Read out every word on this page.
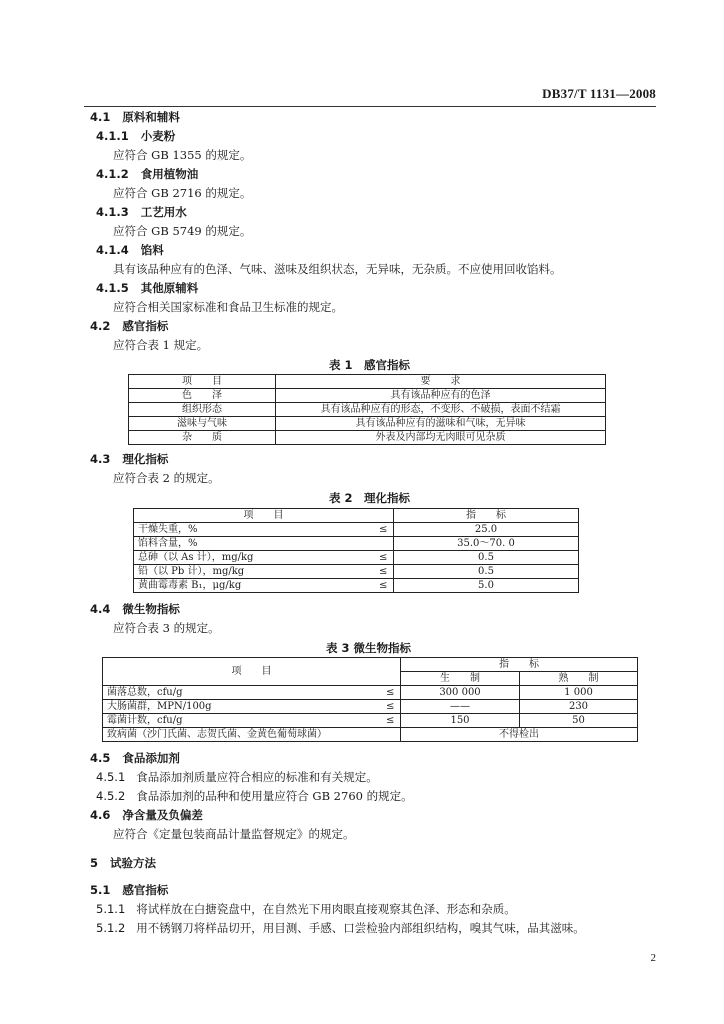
DB37/T 1131—2008
4.1 原料和辅料
4.1.1 小麦粉
应符合 GB 1355 的规定。
4.1.2 食用植物油
应符合 GB 2716 的规定。
4.1.3 工艺用水
应符合 GB 5749 的规定。
4.1.4 馅料
具有该品种应有的色泽、气味、滋味及组织状态，无异味，无杂质。不应使用回收馅料。
4.1.5 其他原辅料
应符合相关国家标准和食品卫生标准的规定。
4.2 感官指标
应符合表 1 规定。
表 1　感官指标
项　　目	要　　求
色　　泽	具有该品种应有的色泽
组织形态	具有该品种应有的形态，不变形、不破损，表面不结霜
滋味与气味	具有该品种应有的滋味和气味，无异味
杂　　质	外表及内部均无肉眼可见杂质
4.3 理化指标
应符合表 2 的规定。
表 2　理化指标
项　　目		指　　标
干燥失重，%	≤	25.0
馅料含量，%		35.0～70. 0
总砷（以 As 计），mg/kg	≤	0.5
铅（以 Pb 计），mg/kg	≤	0.5
黄曲霉毒素 B₁，μg/kg	≤	5.0
4.4 微生物指标
应符合表 3 的规定。
表 3 微生物指标
项　　目		指　　标	
		生　　制	熟　　制
菌落总数，cfu/g	≤	300 000	1 000
大肠菌群，MPN/100g	≤	——	230
霉菌计数，cfu/g	≤	150	50
致病菌（沙门氏菌、志贺氏菌、金黄色葡萄球菌）		不得检出	
4.5 食品添加剂
4.5.1 食品添加剂质量应符合相应的标准和有关规定。
4.5.2 食品添加剂的品种和使用量应符合 GB 2760 的规定。
4.6 净含量及负偏差
应符合《定量包装商品计量监督规定》的规定。
5 试验方法
5.1 感官指标
5.1.1 将试样放在白搪瓷盘中，在自然光下用肉眼直接观察其色泽、形态和杂质。
5.1.2 用不锈钢刀将样品切开，用目测、手感、口尝检验内部组织结构，嗅其气味，品其滋味。
2
